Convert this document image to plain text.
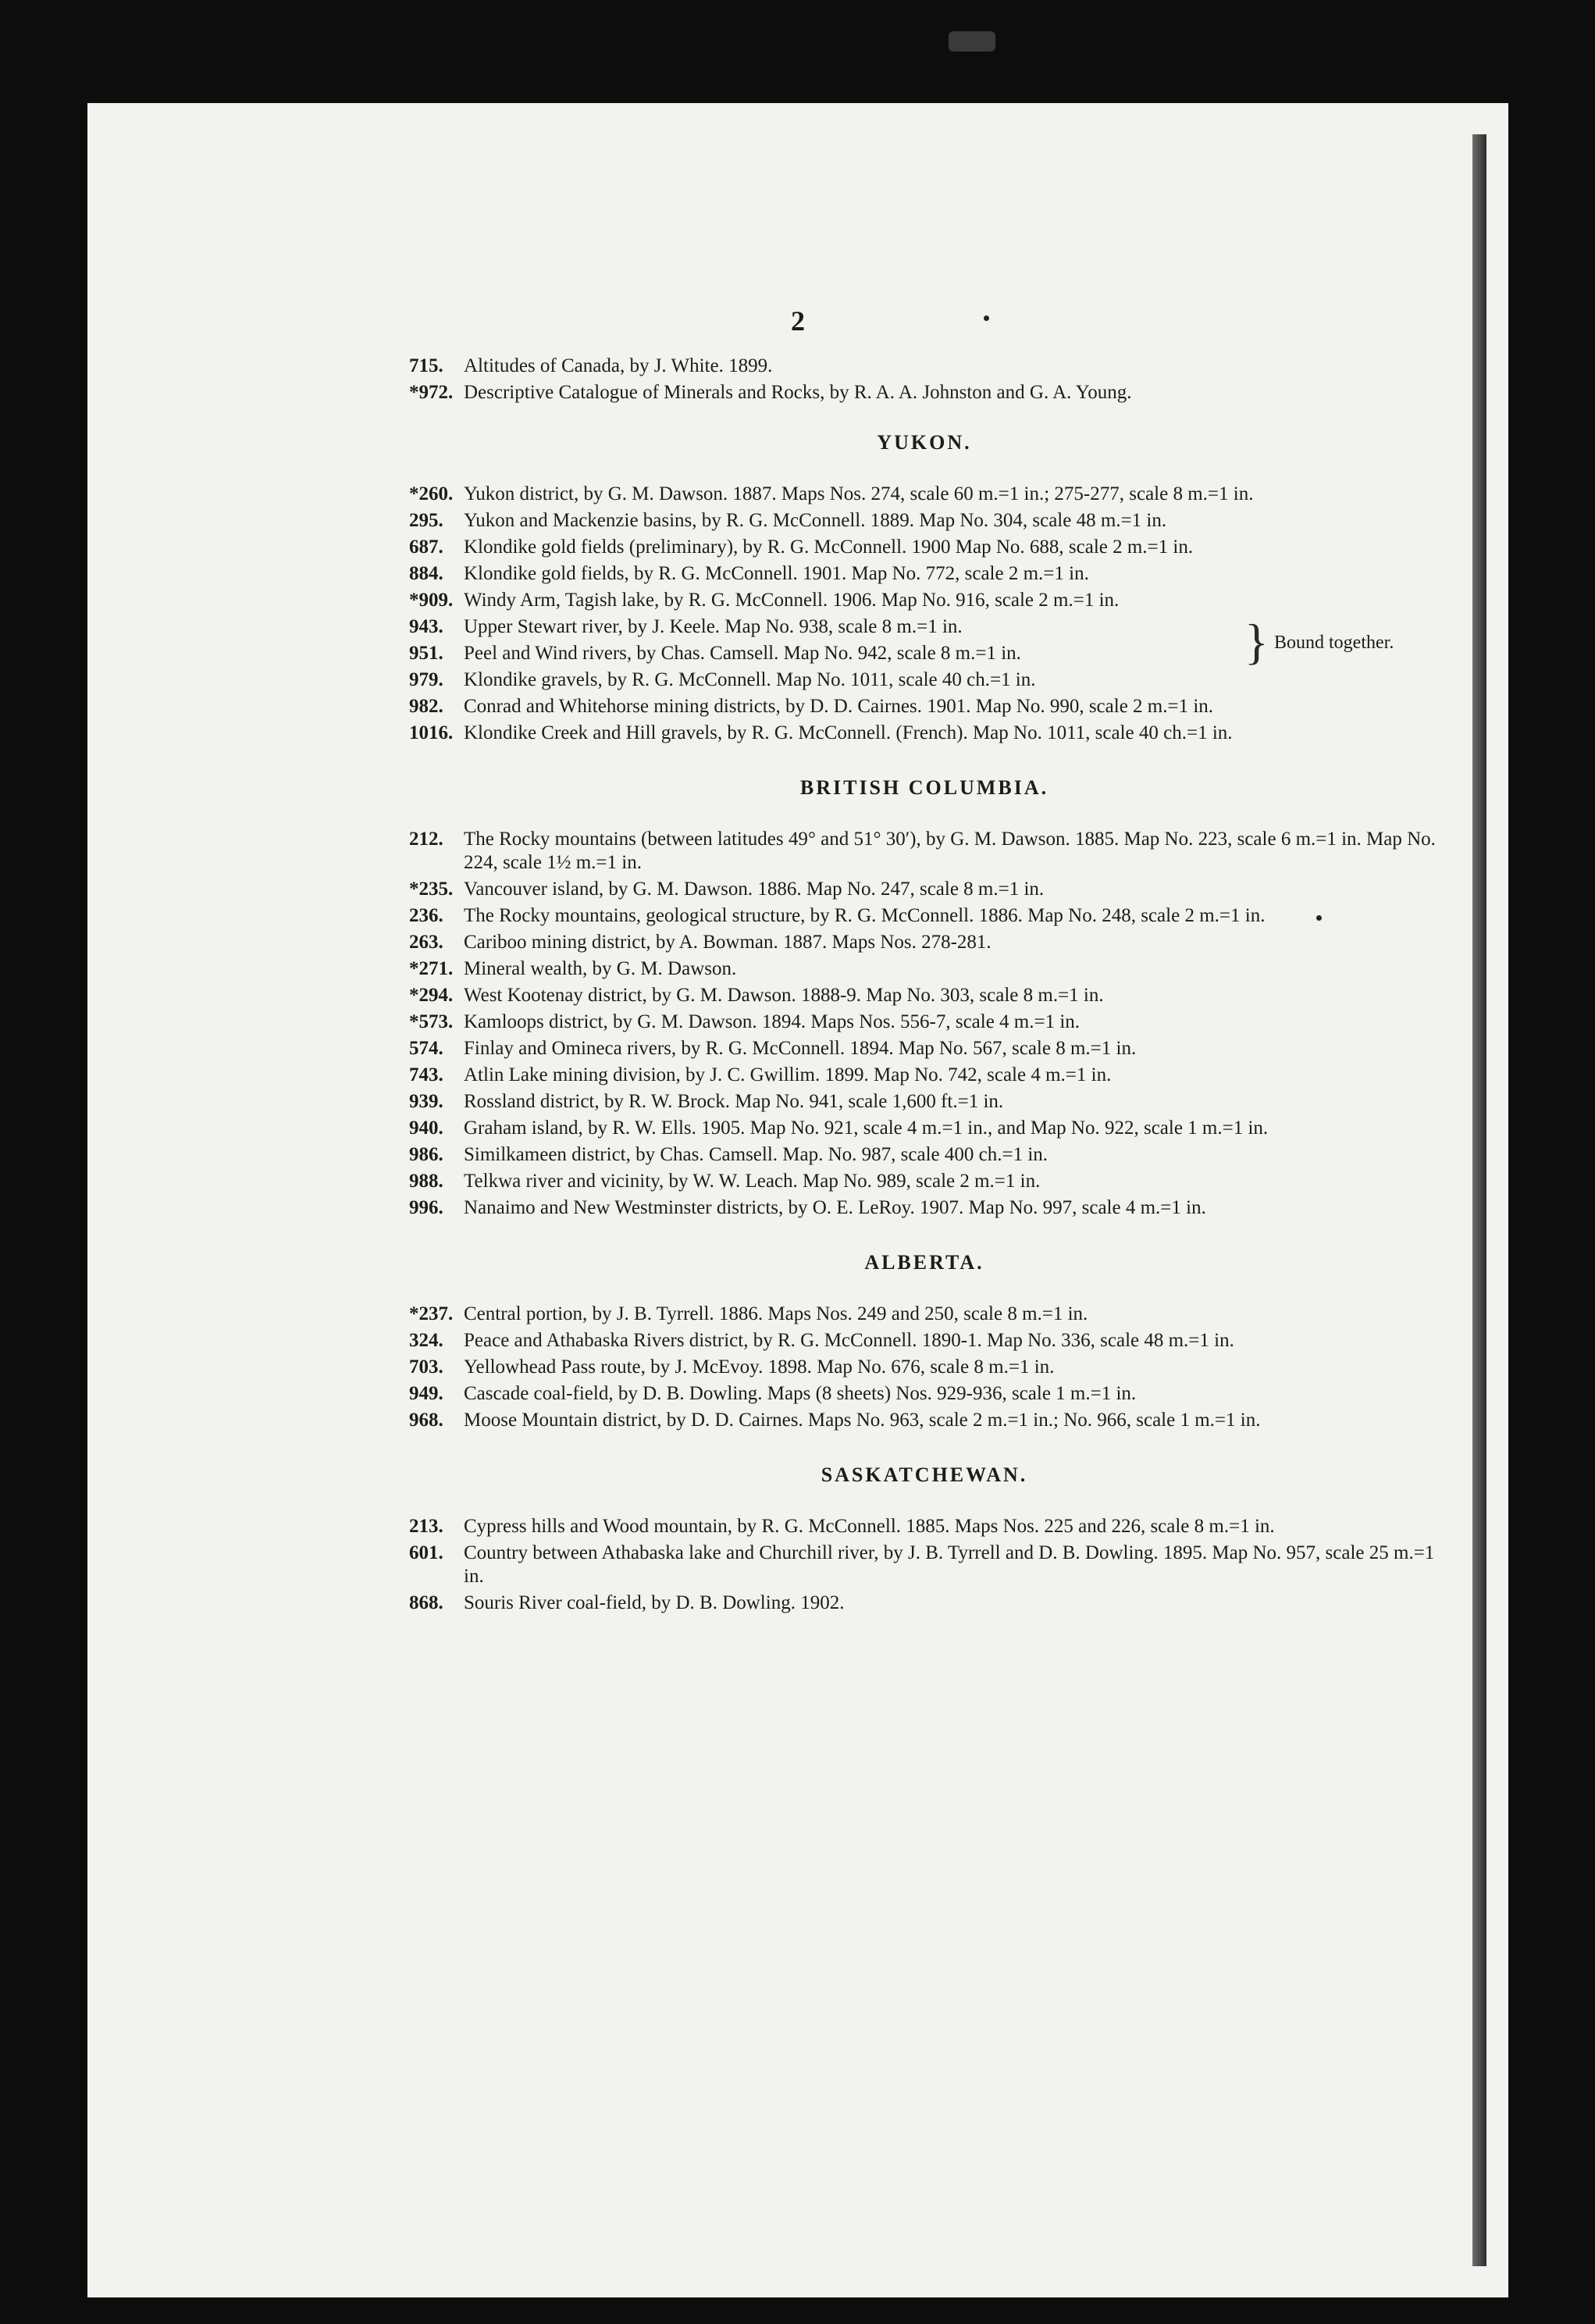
2
715.	Altitudes of Canada, by J. White. 1899.
*972. Descriptive Catalogue of Minerals and Rocks, by R. A. A. Johnston and G. A. Young.
YUKON.
*260. Yukon district, by G. M. Dawson. 1887. Maps Nos. 274, scale 60 m.=1 in.; 275-277, scale 8 m.=1 in.
295.	Yukon and Mackenzie basins, by R. G. McConnell. 1889. Map No. 304, scale 48 m.=1 in.
687.	Klondike gold fields (preliminary), by R. G. McConnell. 1900 Map No. 688, scale 2 m.=1 in.
884.	Klondike gold fields, by R. G. McConnell. 1901. Map No. 772, scale 2 m.=1 in.
*909. Windy Arm, Tagish lake, by R. G. McConnell. 1906. Map No. 916, scale 2 m.=1 in.
} Bound together.
943.	Upper Stewart river, by J. Keele. Map No. 938, scale 8 m.=1 in.
951.	Peel and Wind rivers, by Chas. Camsell. Map No. 942, scale 8 m.=1 in.
979.	Klondike gravels, by R. G. McConnell. Map No. 1011, scale 40 ch.=1 in.
982.	Conrad and Whitehorse mining districts, by D. D. Cairnes. 1901. Map No. 990, scale 2 m.=1 in.
1016. Klondike Creek and Hill gravels, by R. G. McConnell. (French). Map No. 1011, scale 40 ch.=1 in.
BRITISH COLUMBIA.
212.	The Rocky mountains (between latitudes 49° and 51° 30′), by G. M. Dawson. 1885. Map No. 223, scale 6 m.=1 in. Map No. 224, scale 1½ m.=1 in.
*235. Vancouver island, by G. M. Dawson. 1886. Map No. 247, scale 8 m.=1 in.
236.	The Rocky mountains, geological structure, by R. G. McConnell. 1886. Map No. 248, scale 2 m.=1 in.
263.	Cariboo mining district, by A. Bowman. 1887. Maps Nos. 278-281.
*271. Mineral wealth, by G. M. Dawson.
*294. West Kootenay district, by G. M. Dawson. 1888-9. Map No. 303, scale 8 m.=1 in.
*573. Kamloops district, by G. M. Dawson. 1894. Maps Nos. 556-7, scale 4 m.=1 in.
574.	Finlay and Omineca rivers, by R. G. McConnell. 1894. Map No. 567, scale 8 m.=1 in.
743.	Atlin Lake mining division, by J. C. Gwillim. 1899. Map No. 742, scale 4 m.=1 in.
939.	Rossland district, by R. W. Brock. Map No. 941, scale 1,600 ft.=1 in.
940.	Graham island, by R. W. Ells. 1905. Map No. 921, scale 4 m.=1 in., and Map No. 922, scale 1 m.=1 in.
986.	Similkameen district, by Chas. Camsell. Map. No. 987, scale 400 ch.=1 in.
988.	Telkwa river and vicinity, by W. W. Leach. Map No. 989, scale 2 m.=1 in.
996.	Nanaimo and New Westminster districts, by O. E. LeRoy. 1907. Map No. 997, scale 4 m.=1 in.
ALBERTA.
*237. Central portion, by J. B. Tyrrell. 1886. Maps Nos. 249 and 250, scale 8 m.=1 in.
324.	Peace and Athabaska Rivers district, by R. G. McConnell. 1890-1. Map No. 336, scale 48 m.=1 in.
703.	Yellowhead Pass route, by J. McEvoy. 1898. Map No. 676, scale 8 m.=1 in.
949.	Cascade coal-field, by D. B. Dowling. Maps (8 sheets) Nos. 929-936, scale 1 m.=1 in.
968.	Moose Mountain district, by D. D. Cairnes. Maps No. 963, scale 2 m.=1 in.; No. 966, scale 1 m.=1 in.
SASKATCHEWAN.
213.	Cypress hills and Wood mountain, by R. G. McConnell. 1885. Maps Nos. 225 and 226, scale 8 m.=1 in.
601.	Country between Athabaska lake and Churchill river, by J. B. Tyrrell and D. B. Dowling. 1895. Map No. 957, scale 25 m.=1 in.
868.	Souris River coal-field, by D. B. Dowling. 1902.
